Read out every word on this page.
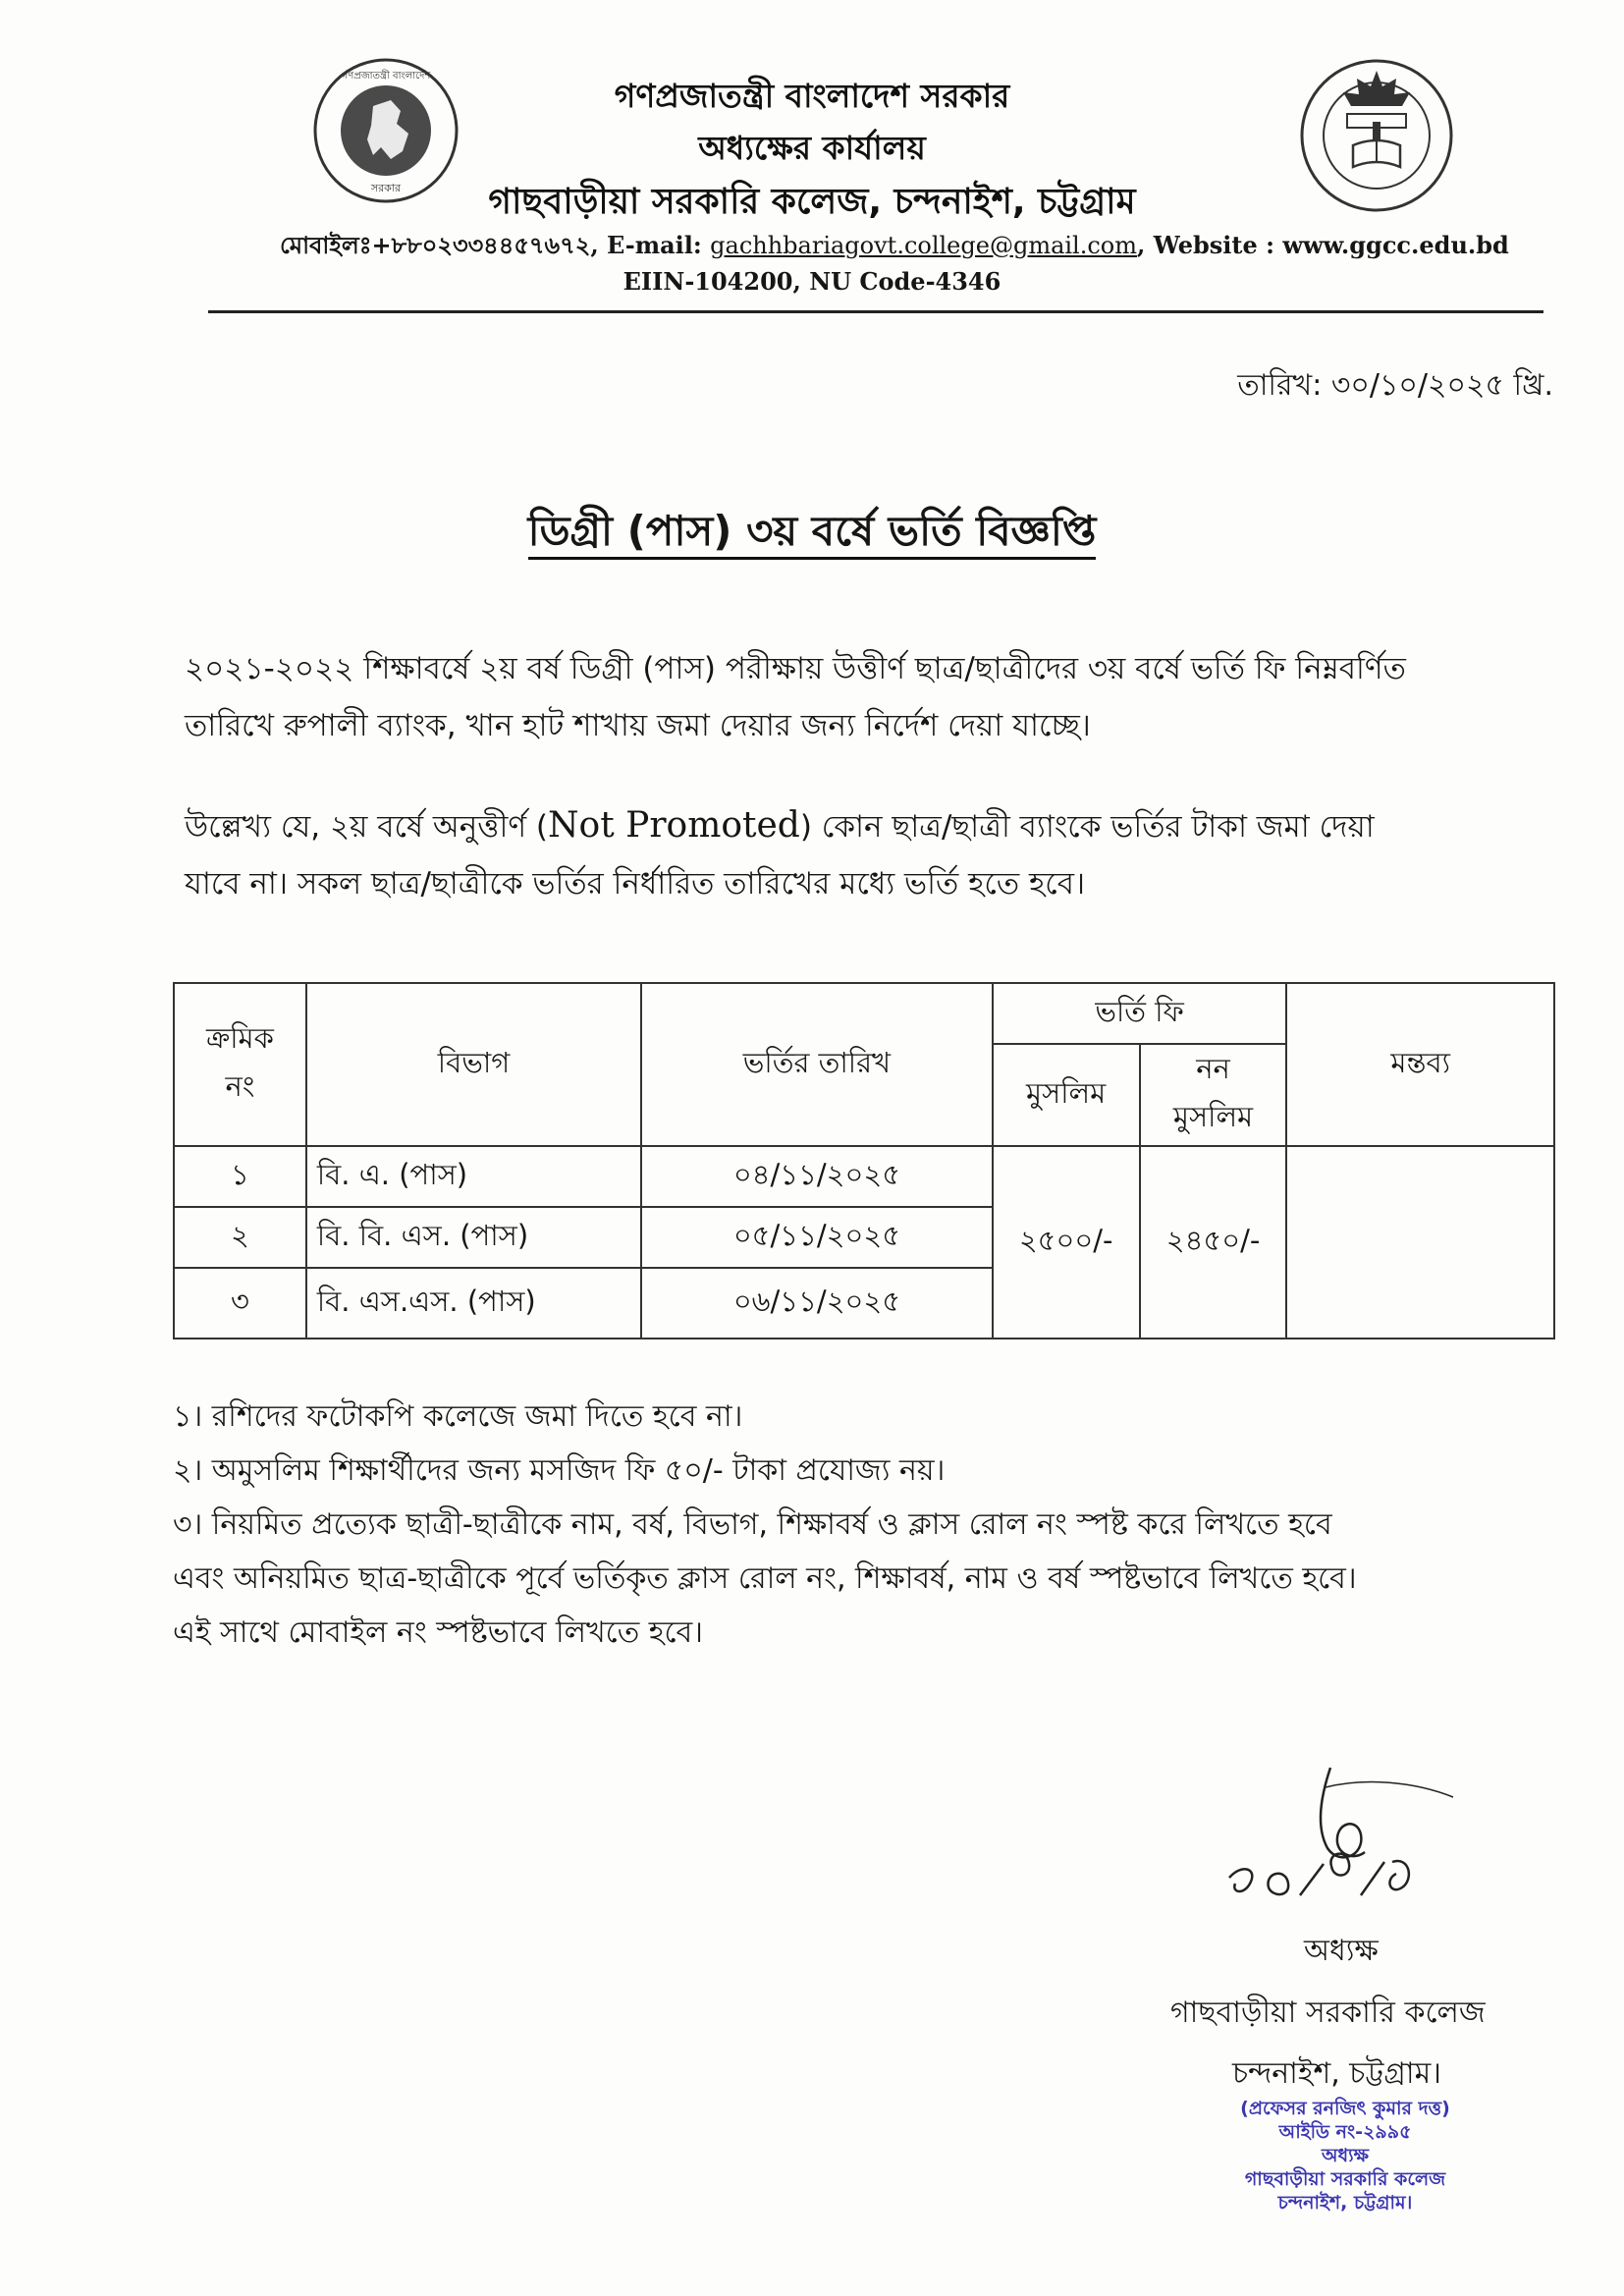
গণপ্রজাতন্ত্রী বাংলাদেশ
সরকার
গণপ্রজাতন্ত্রী বাংলাদেশ সরকার
অধ্যক্ষের কার্যালয়
গাছবাড়ীয়া সরকারি কলেজ, চন্দনাইশ, চট্টগ্রাম
মোবাইলঃ+৮৮০২৩৩৪৪৫৭৬৭২, E-mail: gachhbariagovt.college@gmail.com, Website : www.ggcc.edu.bd
EIIN-104200, NU Code-4346
তারিখ: ৩০/১০/২০২৫ খ্রি.
ডিগ্রী (পাস) ৩য় বর্ষে ভর্তি বিজ্ঞপ্তি
২০২১-২০২২ শিক্ষাবর্ষে ২য় বর্ষ ডিগ্রী (পাস) পরীক্ষায় উত্তীর্ণ ছাত্র/ছাত্রীদের ৩য় বর্ষে ভর্তি ফি নিম্নবর্ণিত
তারিখে রুপালী ব্যাংক, খান হাট শাখায় জমা দেয়ার জন্য নির্দেশ দেয়া যাচ্ছে।
উল্লেখ্য যে, ২য় বর্ষে অনুত্তীর্ণ (Not Promoted) কোন ছাত্র/ছাত্রী ব্যাংকে ভর্তির টাকা জমা দেয়া
যাবে না। সকল ছাত্র/ছাত্রীকে ভর্তির নির্ধারিত তারিখের মধ্যে ভর্তি হতে হবে।
ক্রমিক
নং	বিভাগ	ভর্তির তারিখ	ভর্তি ফি		মন্তব্য
			মুসলিম	নন
মুসলিম	

১	বি. এ. (পাস)	০৪/১১/২০২৫	২৫০০/-	২৪৫০/-	
২	বি. বি. এস. (পাস)	০৫/১১/২০২৫			
৩	বি. এস.এস. (পাস)	০৬/১১/২০২৫			
১। রশিদের ফটোকপি কলেজে জমা দিতে হবে না।
২। অমুসলিম শিক্ষার্থীদের জন্য মসজিদ ফি ৫০/- টাকা প্রযোজ্য নয়।
৩। নিয়মিত প্রত্যেক ছাত্রী-ছাত্রীকে নাম, বর্ষ, বিভাগ, শিক্ষাবর্ষ ও ক্লাস রোল নং স্পষ্ট করে লিখতে হবে
এবং অনিয়মিত ছাত্র-ছাত্রীকে পূর্বে ভর্তিকৃত ক্লাস রোল নং, শিক্ষাবর্ষ, নাম ও বর্ষ স্পষ্টভাবে লিখতে হবে।
এই সাথে মোবাইল নং স্পষ্টভাবে লিখতে হবে।
অধ্যক্ষ
গাছবাড়ীয়া সরকারি কলেজ
চন্দনাইশ, চট্টগ্রাম।
(প্রফেসর রনজিৎ কুমার দত্ত)
আইডি নং-২৯৯৫
অধ্যক্ষ
গাছবাড়ীয়া সরকারি কলেজ
চন্দনাইশ, চট্টগ্রাম।
